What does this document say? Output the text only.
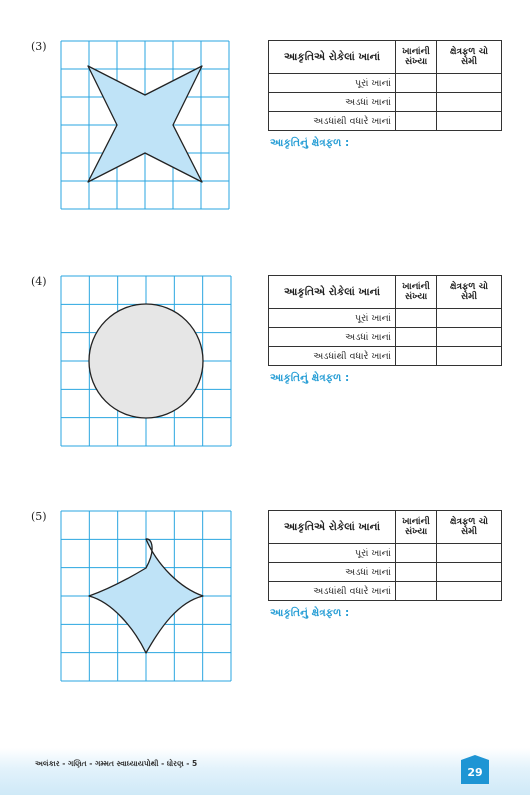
(3)
આકૃતિએ રોકેલાં ખાનાં	ખાનાંની સંખ્યા	ક્ષેત્રફળ ચો સેમી
પૂરાં ખાનાં		
અડધાં ખાનાં		
અડધાંથી વધારે ખાનાં		
આકૃતિનું ક્ષેત્રફળ :
(4)
આકૃતિએ રોકેલાં ખાનાં	ખાનાંની સંખ્યા	ક્ષેત્રફળ ચો સેમી
પૂરાં ખાનાં		
અડધાં ખાનાં		
અડધાંથી વધારે ખાનાં		
આકૃતિનું ક્ષેત્રફળ :
(5)
આકૃતિએ રોકેલાં ખાનાં	ખાનાંની સંખ્યા	ક્ષેત્રફળ ચો સેમી
પૂરાં ખાનાં		
અડધાં ખાનાં		
અડધાંથી વધારે ખાનાં		
આકૃતિનું ક્ષેત્રફળ :
અલંકાર - ગણિત - ગમ્મત સ્વાધ્યાયપોથી - ધોરણ - 5
29
